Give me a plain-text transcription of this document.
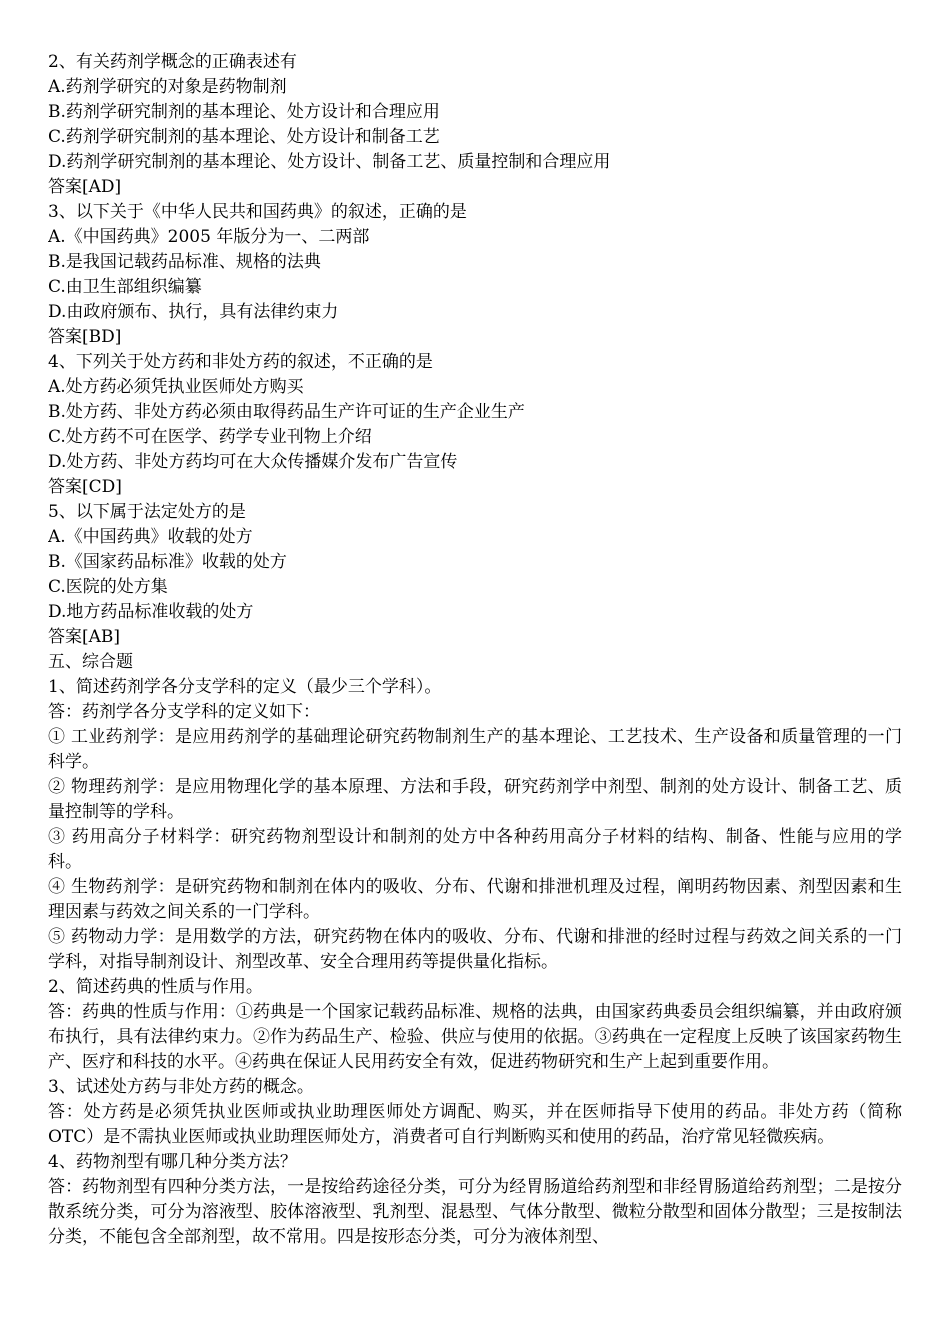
2、有关药剂学概念的正确表述有
A.药剂学研究的对象是药物制剂
B.药剂学研究制剂的基本理论、处方设计和合理应用
C.药剂学研究制剂的基本理论、处方设计和制备工艺
D.药剂学研究制剂的基本理论、处方设计、制备工艺、质量控制和合理应用
答案[AD]
3、以下关于《中华人民共和国药典》的叙述，正确的是
A.《中国药典》2005 年版分为一、二两部
B.是我国记载药品标准、规格的法典
C.由卫生部组织编纂
D.由政府颁布、执行，具有法律约束力
答案[BD]
4、下列关于处方药和非处方药的叙述，不正确的是
A.处方药必须凭执业医师处方购买
B.处方药、非处方药必须由取得药品生产许可证的生产企业生产
C.处方药不可在医学、药学专业刊物上介绍
D.处方药、非处方药均可在大众传播媒介发布广告宣传
答案[CD]
5、以下属于法定处方的是
A.《中国药典》收载的处方
B.《国家药品标准》收载的处方
C.医院的处方集
D.地方药品标准收载的处方
答案[AB]
五、综合题
1、简述药剂学各分支学科的定义（最少三个学科）。
答：药剂学各分支学科的定义如下：
① 工业药剂学：是应用药剂学的基础理论研究药物制剂生产的基本理论、工艺技术、生产设备和质量管理的一门科学。
② 物理药剂学：是应用物理化学的基本原理、方法和手段，研究药剂学中剂型、制剂的处方设计、制备工艺、质量控制等的学科。
③ 药用高分子材料学：研究药物剂型设计和制剂的处方中各种药用高分子材料的结构、制备、性能与应用的学科。
④ 生物药剂学：是研究药物和制剂在体内的吸收、分布、代谢和排泄机理及过程，阐明药物因素、剂型因素和生理因素与药效之间关系的一门学科。
⑤ 药物动力学：是用数学的方法，研究药物在体内的吸收、分布、代谢和排泄的经时过程与药效之间关系的一门学科，对指导制剂设计、剂型改革、安全合理用药等提供量化指标。
2、简述药典的性质与作用。
答：药典的性质与作用：①药典是一个国家记载药品标准、规格的法典，由国家药典委员会组织编纂，并由政府颁布执行，具有法律约束力。②作为药品生产、检验、供应与使用的依据。③药典在一定程度上反映了该国家药物生产、医疗和科技的水平。④药典在保证人民用药安全有效，促进药物研究和生产上起到重要作用。
3、试述处方药与非处方药的概念。
答：处方药是必须凭执业医师或执业助理医师处方调配、购买，并在医师指导下使用的药品。非处方药（简称 OTC）是不需执业医师或执业助理医师处方，消费者可自行判断购买和使用的药品，治疗常见轻微疾病。
4、药物剂型有哪几种分类方法？
答：药物剂型有四种分类方法，一是按给药途径分类，可分为经胃肠道给药剂型和非经胃肠道给药剂型；二是按分散系统分类，可分为溶液型、胶体溶液型、乳剂型、混悬型、气体分散型、微粒分散型和固体分散型；三是按制法分类，不能包含全部剂型，故不常用。四是按形态分类，可分为液体剂型、
